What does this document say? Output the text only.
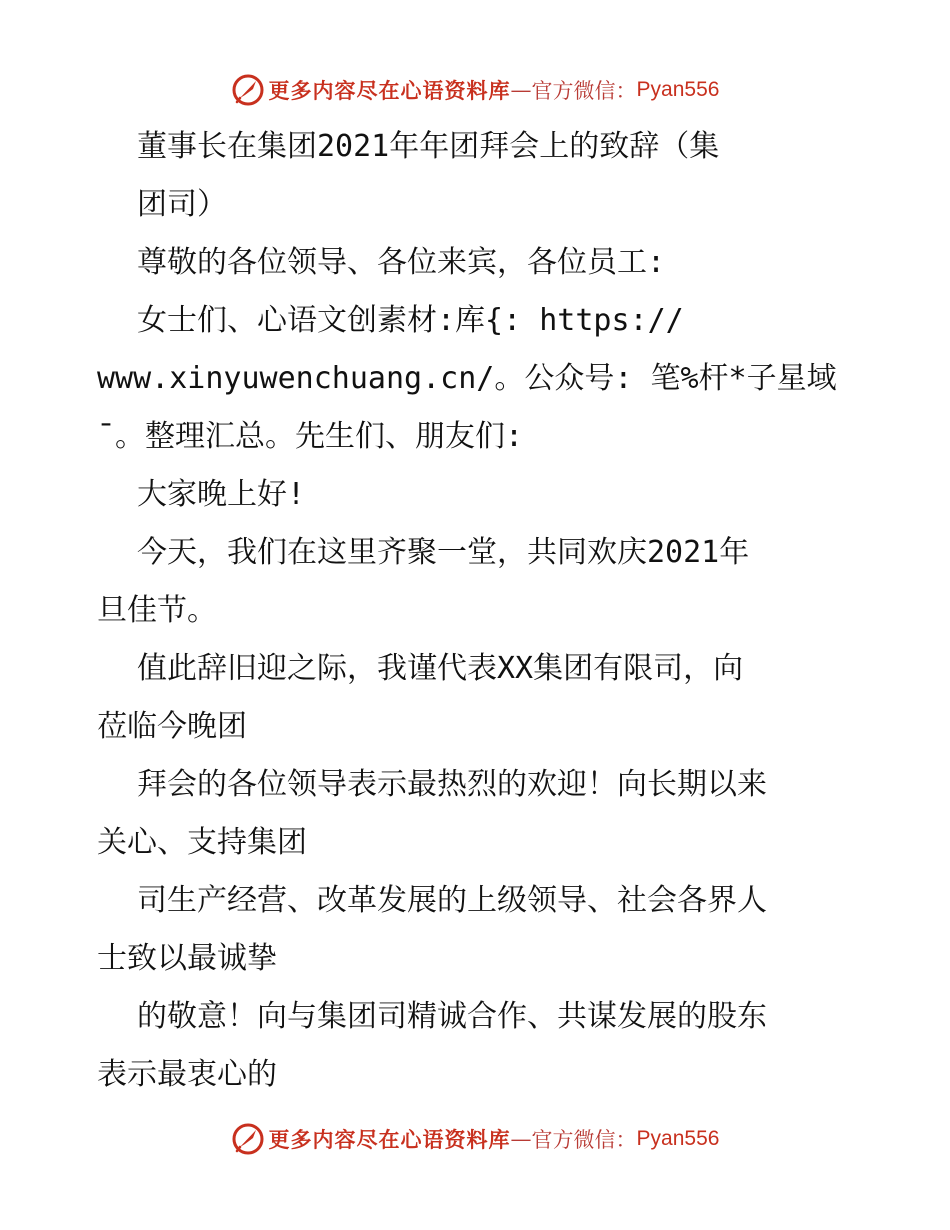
更多内容尽在心语资料库 — 官方微信： Pyan556
董事长在集团2021年年团拜会上的致辞（集
团司）
尊敬的各位领导、各位来宾，各位员工:
女士们、心语文创素材:库{: https://
www.xinyuwenchuang.cn/。公众号: 笔%杆*子星域
ˉ。整理汇总。先生们、朋友们:
大家晚上好!
今天，我们在这里齐聚一堂，共同欢庆2021年
旦佳节。
值此辞旧迎之际，我谨代表XX集团有限司，向
莅临今晚团
拜会的各位领导表示最热烈的欢迎！向长期以来
关心、支持集团
司生产经营、改革发展的上级领导、社会各界人
士致以最诚挚
的敬意！向与集团司精诚合作、共谋发展的股东
表示最衷心的
更多内容尽在心语资料库 — 官方微信： Pyan556
